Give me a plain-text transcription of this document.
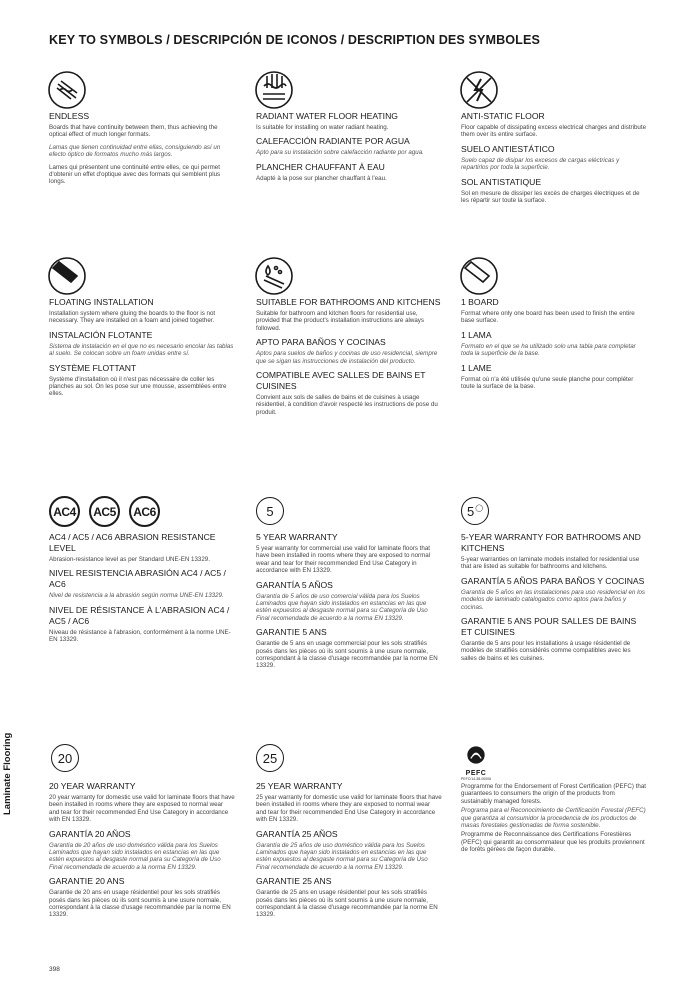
KEY TO SYMBOLS / DESCRIPCIÓN DE ICONOS / DESCRIPTION DES SYMBOLES
Laminate Flooring
398

ENDLESS

Boards that have continuity between them, thus achieving the optical effect of much longer formats.

Lamas que tienen continuidad entre ellas, consiguiendo así un efecto óptico de formatos mucho más largos.

Lames qui présentent une continuité entre elles, ce qui permet d'obtenir un effet d'optique avec des formats qui semblent plus longs.

RADIANT WATER FLOOR HEATING

Is suitable for installing on water radiant heating.

CALEFACCIÓN RADIANTE POR AGUA

Apto para su instalación sobre calefacción radiante por agua.

PLANCHER CHAUFFANT À EAU

Adapté à la pose sur plancher chauffant à l'eau.

ANTI-STATIC FLOOR

Floor capable of dissipating excess electrical charges and distribute them over its entire surface.

SUELO ANTIESTÁTICO

Suelo capaz de disipar los excesos de cargas eléctricas y repartirlos por toda la superficie.

SOL ANTISTATIQUE

Sol en mesure de dissiper les excès de charges électriques et de les répartir sur toute la surface.

FLOATING INSTALLATION

Installation system where gluing the boards to the floor is not necessary. They are installed on a foam and joined together.

INSTALACIÓN FLOTANTE

Sistema de instalación en el que no es necesario encolar las tablas al suelo. Se colocan sobre un foam unidas entre sí.

SYSTÈME FLOTTANT

Système d'installation où il n'est pas nécessaire de coller les planches au sol. On les pose sur une mousse, assemblées entre elles.

SUITABLE FOR BATHROOMS AND KITCHENS

Suitable for bathroom and kitchen floors for residential use, provided that the product's installation instructions are always followed.

APTO PARA BAÑOS Y COCINAS

Aptos para suelos de baños y cocinas de uso residencial, siempre que se sigan las instrucciones de instalación del producto.

COMPATIBLE AVEC SALLES DE BAINS ET CUISINES

Convient aux sols de salles de bains et de cuisines à usage résidentiel, à condition d'avoir respecté les instructions de pose du produit.

1 BOARD

Format where only one board has been used to finish the entire base surface.

1 LAMA

Formato en el que se ha utilizado solo una tabla para completar toda la superficie de la base.

1 LAME

Format où n'a été utilisée qu'une seule planche pour compléter toute la surface de la base.

AC4	AC5	AC6

AC4 / AC5 / AC6 ABRASION RESISTANCE LEVEL

Abrasion-resistance level as per Standard UNE-EN 13329.

NIVEL RESISTENCIA ABRASIÓN AC4 / AC5 / AC6

Nivel de resistencia a la abrasión según norma UNE-EN 13329.

NIVEL DE RÉSISTANCE À L'ABRASION AC4 / AC5 / AC6

Niveau de résistance à l'abrasion, conformément à la norme UNE-EN 13329.

5

5 YEAR WARRANTY

5 year warranty for commercial use valid for laminate floors that have been installed in rooms where they are exposed to normal wear and tear for their recommended End Use Category in accordance with EN 13329.

GARANTÍA 5 AÑOS

Garantía de 5 años de uso comercial válida para los Suelos Laminados que hayan sido instalados en estancias en las que estén expuestos al desgaste normal para su Categoría de Uso Final recomendada de acuerdo a la norma EN 13329.

GARANTIE 5 ANS

Garantie de 5 ans en usage commercial pour les sols stratifiés posés dans les pièces où ils sont soumis à une usure normale, correspondant à la classe d'usage recommandée par la norme EN 13329.

5◯

5-YEAR WARRANTY FOR BATHROOMS AND KITCHENS

5-year warranties on laminate models installed for residential use that are listed as suitable for bathrooms and kitchens.

GARANTÍA 5 AÑOS PARA BAÑOS Y COCINAS

Garantía de 5 años en las instalaciones para uso residencial en los modelos de laminado catalogados como aptos para baños y cocinas.

GARANTIE 5 ANS POUR SALLES DE BAINS ET CUISINES

Garantie de 5 ans pour les installations à usage résidentiel de modèles de stratifiés considérés comme compatibles avec les salles de bains et les cuisines.

20

20 YEAR WARRANTY

20 year warranty for domestic use valid for laminate floors that have been installed in rooms where they are exposed to normal wear and tear for their recommended End Use Category in accordance with EN 13329.

GARANTÍA 20 AÑOS

Garantía de 20 años de uso doméstico válida para los Suelos Laminados que hayan sido instalados en estancias en las que estén expuestos al desgaste normal para su Categoría de Uso Final recomendada de acuerdo a la norma EN 13329.

GARANTIE 20 ANS

Garantie de 20 ans en usage résidentiel pour les sols stratifiés posés dans les pièces où ils sont soumis à une usure normale, correspondant à la classe d'usage recommandée par la norme EN 13329.

25

25 YEAR WARRANTY

25 year warranty for domestic use valid for laminate floors that have been installed in rooms where they are exposed to normal wear and tear for their recommended End Use Category in accordance with EN 13329.

GARANTÍA 25 AÑOS

Garantía de 25 años de uso doméstico válida para los Suelos Laminados que hayan sido instalados en estancias en las que estén expuestos al desgaste normal para su Categoría de Uso Final recomendada de acuerdo a la norma EN 13329.

GARANTIE 25 ANS

Garantie de 25 ans en usage résidentiel pour les sols stratifiés posés dans les pièces où ils sont soumis à une usure normale, correspondant à la classe d'usage recommandée par la norme EN 13329.

PEFC
PEFC/14-38-00006

Programme for the Endorsement of Forest Certification (PEFC) that guarantees to consumers the origin of the products from sustainably managed forests.

Programa para el Reconocimiento de Certificación Forestal (PEFC) que garantiza al consumidor la procedencia de los productos de masas forestales gestionadas de forma sostenible.

Programme de Reconnaissance des Certifications Forestières (PEFC) qui garantit au consommateur que les produits proviennent de forêts gérées de façon durable.
